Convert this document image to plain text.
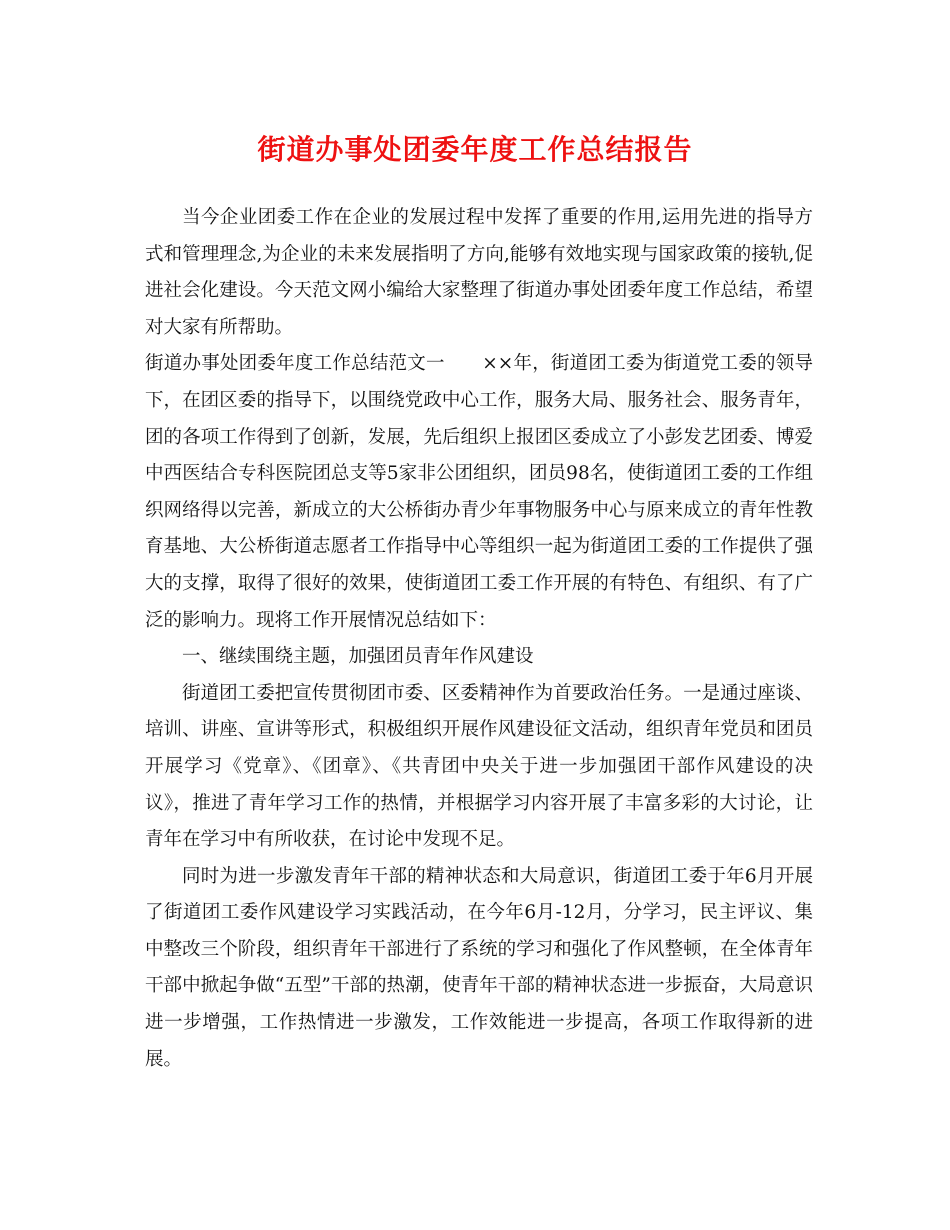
街道办事处团委年度工作总结报告

当今企业团委工作在企业的发展过程中发挥了重要的作用,运用先进的指导方式和管理理念,为企业的未来发展指明了方向,能够有效地实现与国家政策的接轨,促进社会化建设。今天范文网小编给大家整理了街道办事处团委年度工作总结，希望对大家有所帮助。

街道办事处团委年度工作总结范文一　　××年，街道团工委为街道党工委的领导下，在团区委的指导下，以围绕党政中心工作，服务大局、服务社会、服务青年，团的各项工作得到了创新，发展，先后组织上报团区委成立了小彭发艺团委、博爱中西医结合专科医院团总支等5家非公团组织，团员98名，使街道团工委的工作组织网络得以完善，新成立的大公桥街办青少年事物服务中心与原来成立的青年性教育基地、大公桥街道志愿者工作指导中心等组织一起为街道团工委的工作提供了强大的支撑，取得了很好的效果，使街道团工委工作开展的有特色、有组织、有了广泛的影响力。现将工作开展情况总结如下：

一、继续围绕主题，加强团员青年作风建设

街道团工委把宣传贯彻团市委、区委精神作为首要政治任务。一是通过座谈、培训、讲座、宣讲等形式，积极组织开展作风建设征文活动，组织青年党员和团员开展学习《党章》、《团章》、《共青团中央关于进一步加强团干部作风建设的决议》，推进了青年学习工作的热情，并根据学习内容开展了丰富多彩的大讨论，让青年在学习中有所收获，在讨论中发现不足。

同时为进一步激发青年干部的精神状态和大局意识，街道团工委于年6月开展了街道团工委作风建设学习实践活动，在今年6月-12月，分学习，民主评议、集中整改三个阶段，组织青年干部进行了系统的学习和强化了作风整顿，在全体青年干部中掀起争做“五型”干部的热潮，使青年干部的精神状态进一步振奋，大局意识进一步增强，工作热情进一步激发，工作效能进一步提高，各项工作取得新的进展。
